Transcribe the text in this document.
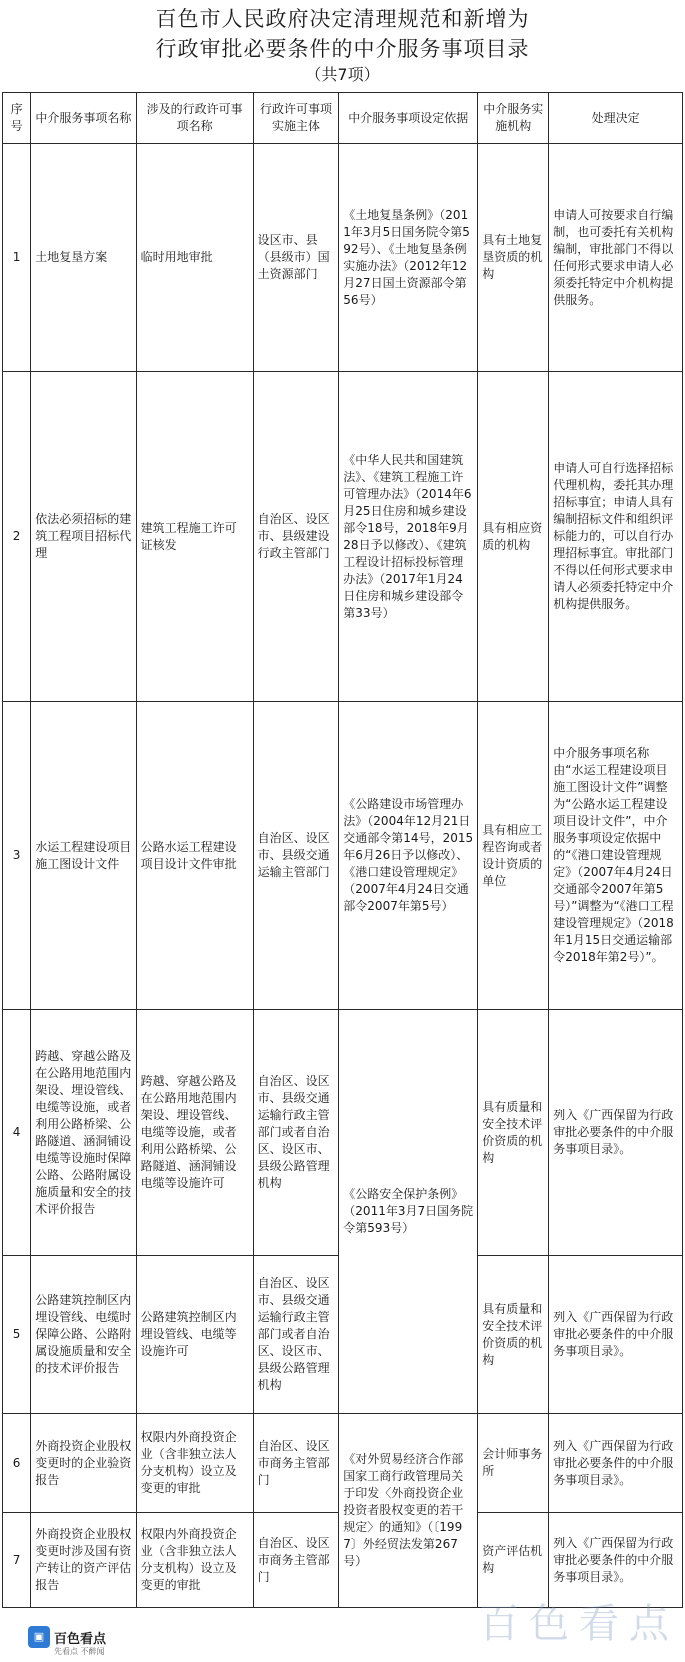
百色市人民政府决定清理规范和新增为
行政审批必要条件的中介服务事项目录
（共7项）
序号	中介服务事项名称	涉及的行政许可事项名称	行政许可事项实施主体	中介服务事项设定依据	中介服务实施机构	处理决定
1	土地复垦方案	临时用地审批	设区市、县（县级市）国土资源部门	《土地复垦条例》（2011年3月5日国务院令第592号）、《土地复垦条例实施办法》（2012年12月27日国土资源部令第56号）	具有土地复垦资质的机构	申请人可按要求自行编制，也可委托有关机构编制，审批部门不得以任何形式要求申请人必须委托特定中介机构提供服务。
2	依法必须招标的建筑工程项目招标代理	建筑工程施工许可证核发	自治区、设区市、县级建设行政主管部门	《中华人民共和国建筑法》、《建筑工程施工许可管理办法》（2014年6月25日住房和城乡建设部令18号，2018年9月28日予以修改）、《建筑工程设计招标投标管理办法》（2017年1月24日住房和城乡建设部令第33号）	具有相应资质的机构	申请人可自行选择招标代理机构，委托其办理招标事宜；申请人具有编制招标文件和组织评标能力的，可以自行办理招标事宜。审批部门不得以任何形式要求申请人必须委托特定中介机构提供服务。
3	水运工程建设项目施工图设计文件	公路水运工程建设项目设计文件审批	自治区、设区市、县级交通运输主管部门	《公路建设市场管理办法》（2004年12月21日交通部令第14号，2015年6月26日予以修改）、《港口建设管理规定》（2007年4月24日交通部令2007年第5号）	具有相应工程咨询或者设计资质的单位	中介服务事项名称由“水运工程建设项目施工图设计文件”调整为“公路水运工程建设项目设计文件”，中介服务事项设定依据中的“《港口建设管理规定》（2007年4月24日交通部令2007年第5号）”调整为“《港口工程建设管理规定》（2018年1月15日交通运输部令2018年第2号）”。
4	跨越、穿越公路及在公路用地范围内架设、埋设管线、电缆等设施，或者利用公路桥梁、公路隧道、涵洞铺设电缆等设施时保障公路、公路附属设施质量和安全的技术评价报告	跨越、穿越公路及在公路用地范围内架设、埋设管线、电缆等设施，或者利用公路桥梁、公路隧道、涵洞铺设电缆等设施许可	自治区、设区市、县级交通运输行政主管部门或者自治区、设区市、县级公路管理机构	《公路安全保护条例》（2011年3月7日国务院令第593号）	具有质量和安全技术评价资质的机构	列入《广西保留为行政审批必要条件的中介服务事项目录》。
5	公路建筑控制区内埋设管线、电缆时保障公路、公路附属设施质量和安全的技术评价报告	公路建筑控制区内埋设管线、电缆等设施许可	自治区、设区市、县级交通运输行政主管部门或者自治区、设区市、县级公路管理机构		具有质量和安全技术评价资质的机构	列入《广西保留为行政审批必要条件的中介服务事项目录》。
6	外商投资企业股权变更时的企业验资报告	权限内外商投资企业（含非独立法人分支机构）设立及变更的审批	自治区、设区市商务主管部门	《对外贸易经济合作部 国家工商行政管理局关于印发〈外商投资企业投资者股权变更的若干规定〉的通知》（〔1997〕外经贸法发第267号）	会计师事务所	列入《广西保留为行政审批必要条件的中介服务事项目录》。
7	外商投资企业股权变更时涉及国有资产转让的资产评估报告	权限内外商投资企业（含非独立法人分支机构）设立及变更的审批	自治区、设区市商务主管部门		资产评估机构	列入《广西保留为行政审批必要条件的中介服务事项目录》。
百色看点
▣ 百色看点
先看点 不醉闻
